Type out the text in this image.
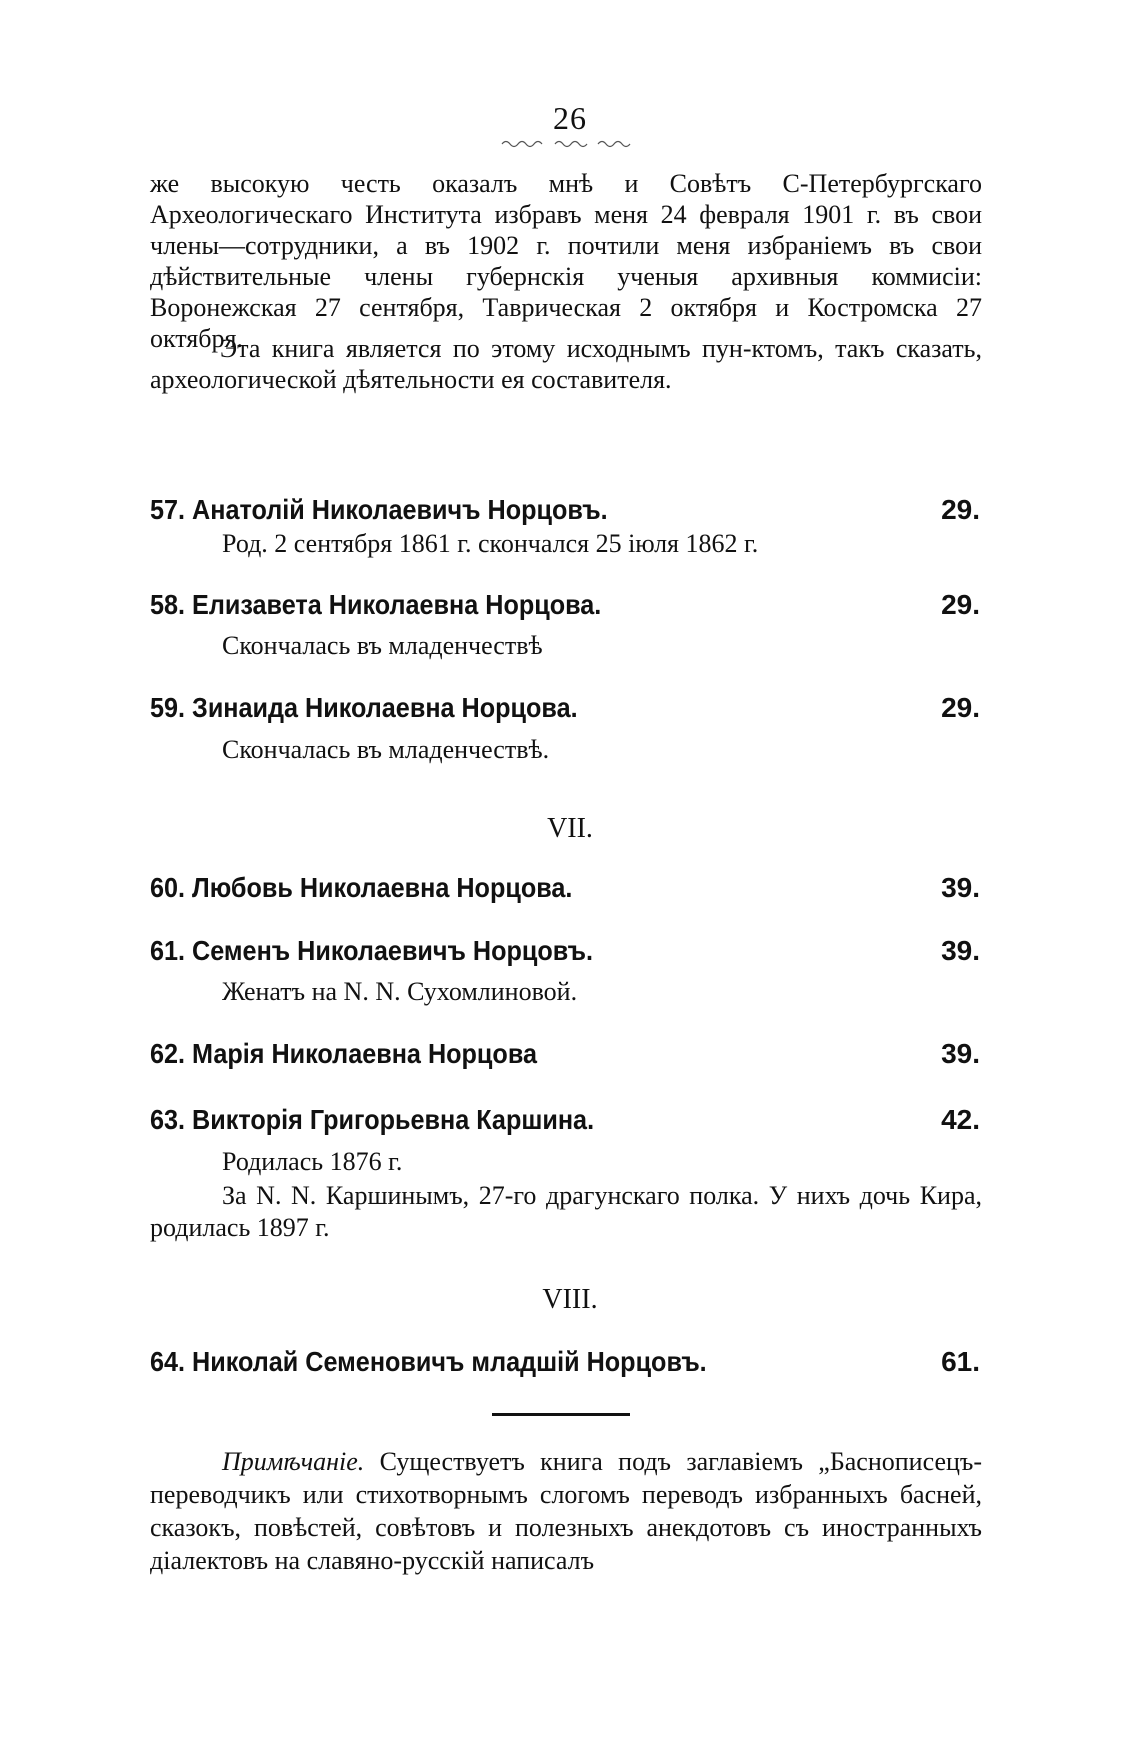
26

же высокую честь оказалъ мнѣ и Совѣтъ С-Петербургскаго Археологическаго Института избравъ меня 24 февраля 1901 г. въ свои члены—сотрудники, а въ 1902 г. почтили меня избраніемъ въ свои дѣйствительные члены губернскія ученыя архивныя коммисіи: Воронежская 27 сентября, Таврическая 2 октября и Костромска 27 октября.

Эта книга является по этому исходнымъ пун-ктомъ, такъ сказать, археологической дѣятельности ея составителя.

57. Анатолій Николаевичъ Норцовъ.	29.

Род. 2 сентября 1861 г. скончался 25 іюля 1862 г.

58. Елизавета Николаевна Норцова.	29.

Скончалась въ младенчествѣ

59. Зинаида Николаевна Норцова.	29.

Скончалась въ младенчествѣ.

VII.
60. Любовь Николаевна Норцова.	39.
61. Семенъ Николаевичъ Норцовъ.	39.

Женатъ на N. N. Сухомлиновой.

62. Марія Николаевна Норцова	39.
63. Викторія Григорьевна Каршина.	42.

Родилась 1876 г.

За N. N. Каршинымъ, 27-го драгунскаго полка. У нихъ дочь Кира, родилась 1897 г.

VIII.
64. Николай Семеновичъ младшій Норцовъ.	61.

Примѣчаніе. Существуетъ книга подъ заглавіемъ „Баснописецъ-переводчикъ или стихотворнымъ слогомъ переводъ избранныхъ басней, сказокъ, повѣстей, совѣтовъ и полезныхъ анекдотовъ съ иностранныхъ діалектовъ на славяно-русскій написалъ
